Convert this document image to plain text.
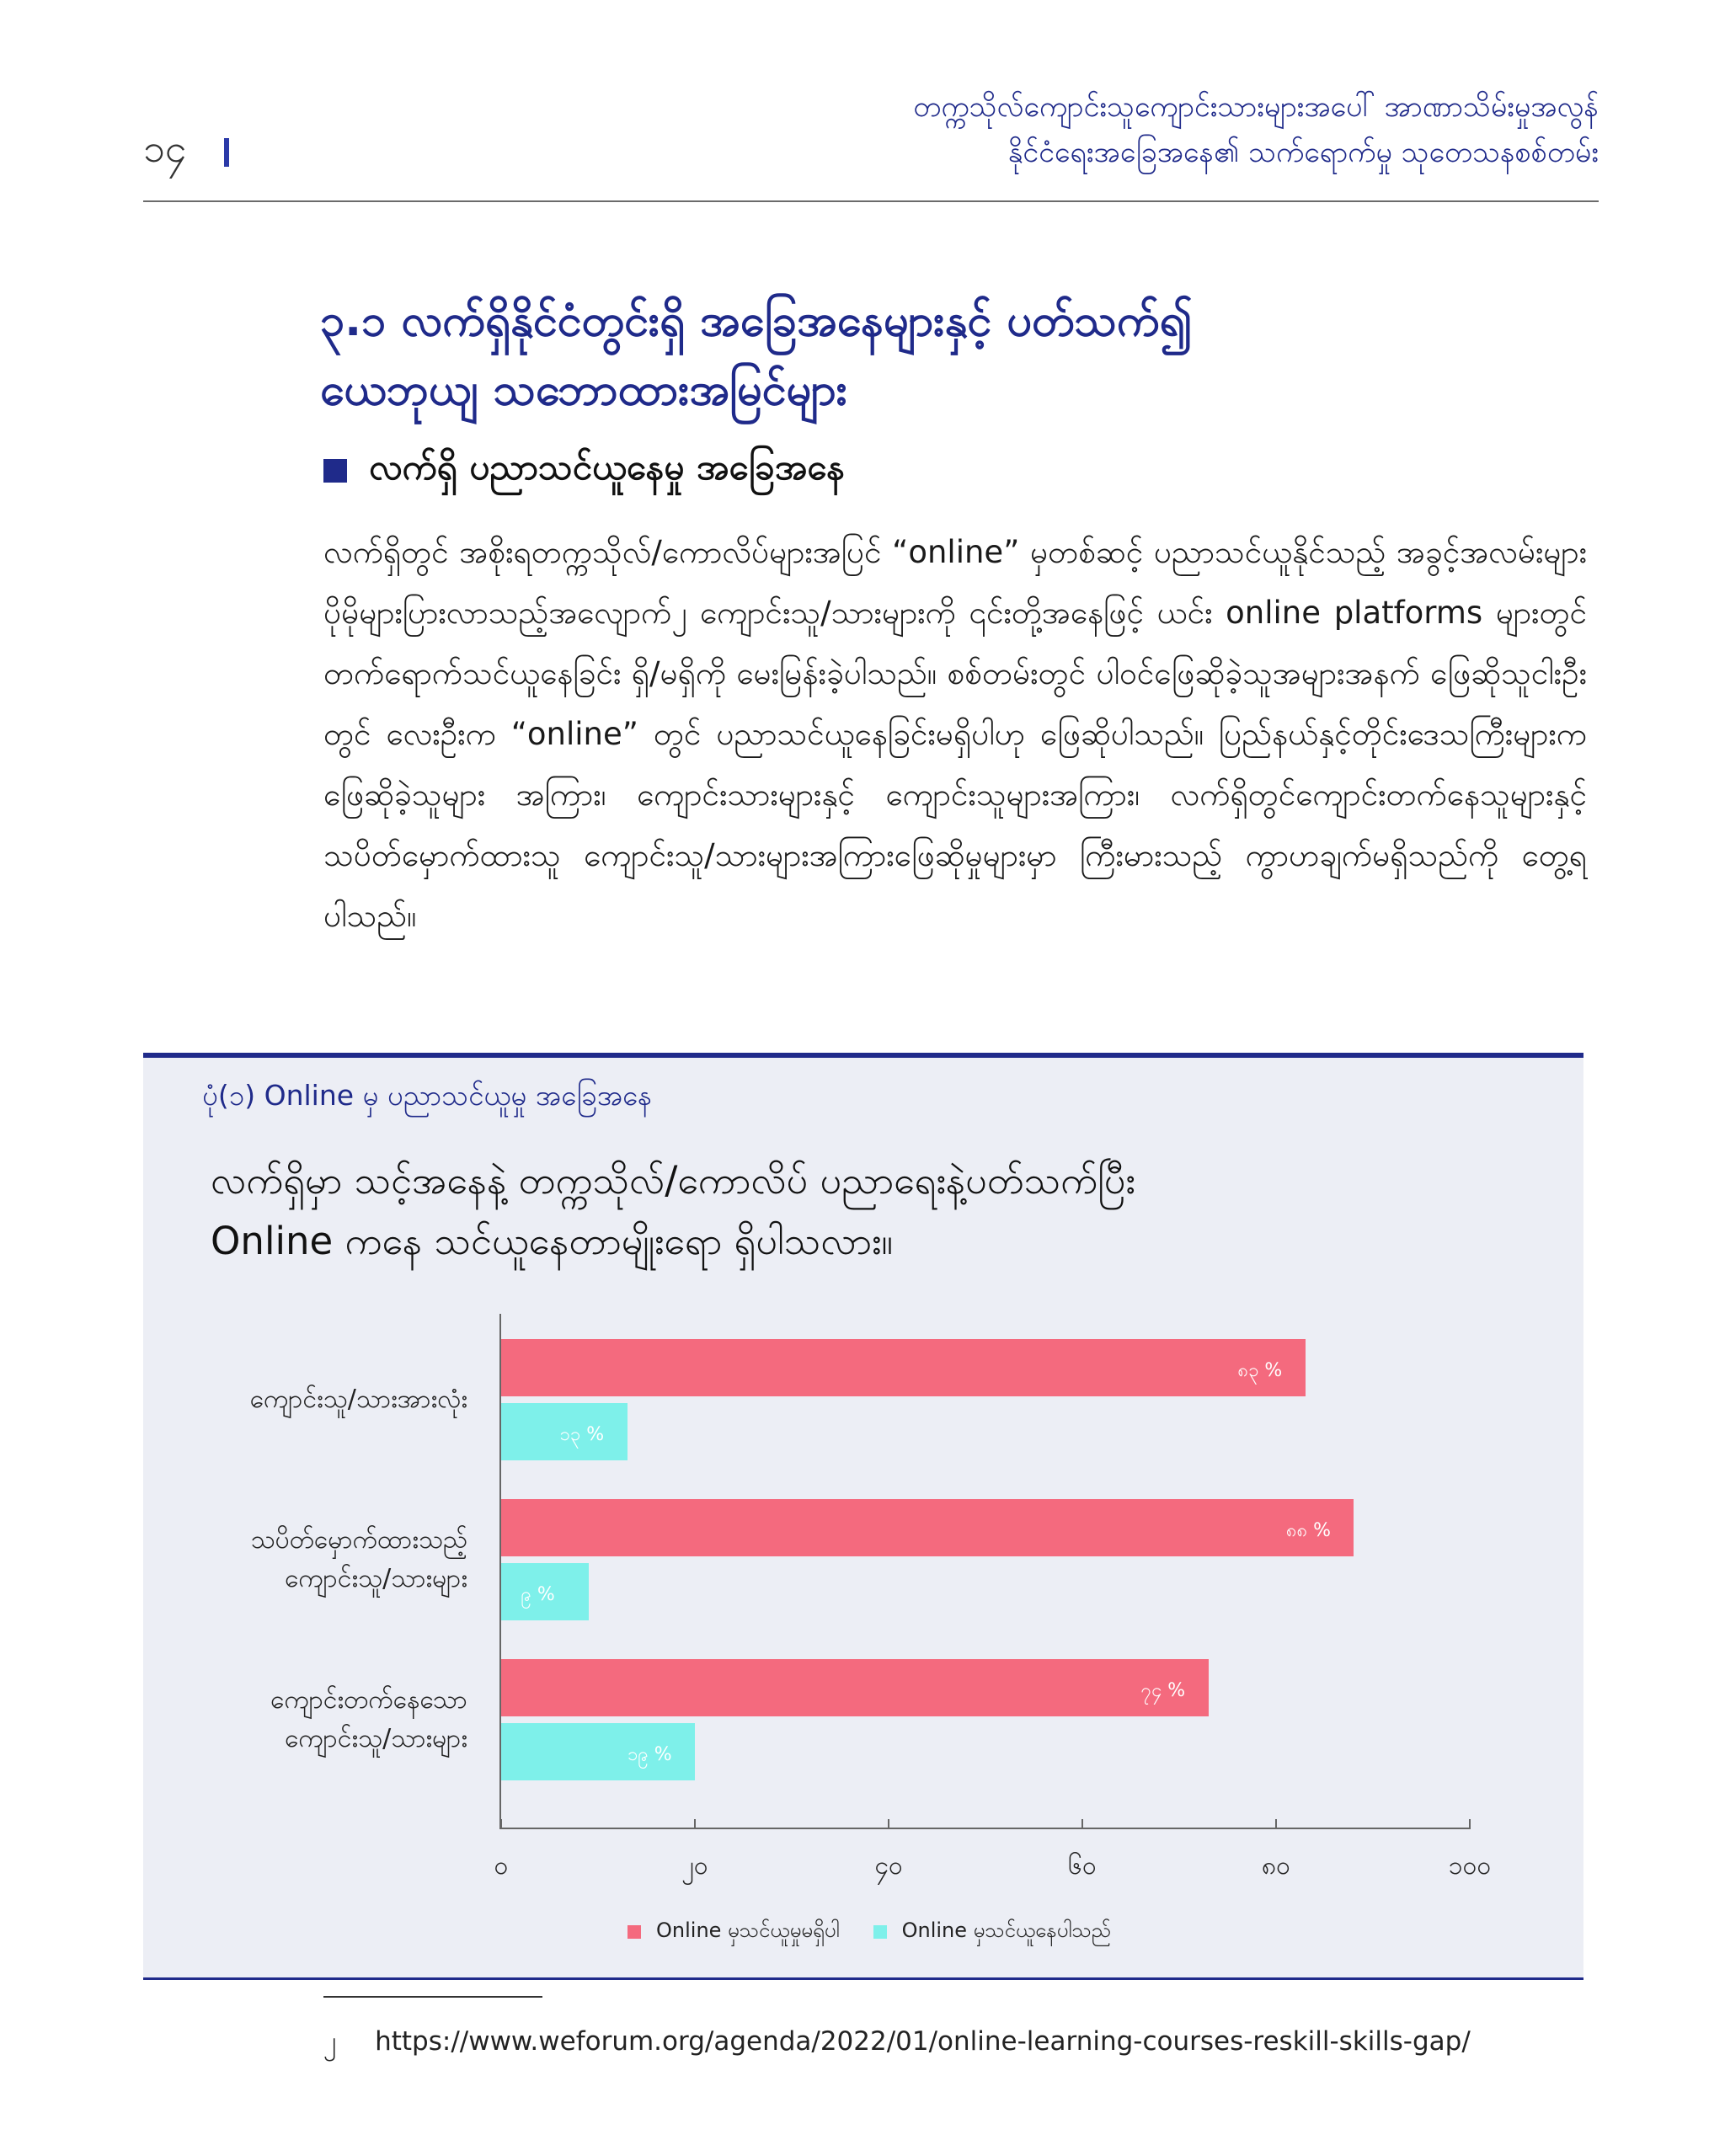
တက္ကသိုလ်ကျောင်းသူကျောင်းသားများအပေါ် အာဏာသိမ်းမှုအလွန်
နိုင်ငံရေးအခြေအနေ၏ သက်ရောက်မှု သုတေသနစစ်တမ်း
၁၄
၃.၁ လက်ရှိနိုင်ငံတွင်းရှိ အခြေအနေများနှင့် ပတ်သက်၍
ယေဘုယျ သဘောထားအမြင်များ
လက်ရှိ ပညာသင်ယူနေမှု အခြေအနေ
လက်ရှိတွင် အစိုးရတက္ကသိုလ်/ကောလိပ်များအပြင် “online” မှတစ်ဆင့် ပညာသင်ယူနိုင်သည့် အခွင့်အလမ်းများ ပိုမိုများပြားလာသည့်အလျောက်၂ ကျောင်းသူ/သားများကို ၎င်းတို့အနေဖြင့် ယင်း online platforms များတွင် တက်ရောက်သင်ယူနေခြင်း ရှိ/မရှိကို မေးမြန်းခဲ့ပါသည်။ စစ်တမ်းတွင် ပါဝင်ဖြေဆိုခဲ့သူအများအနက် ဖြေဆိုသူငါးဦးတွင် လေးဦးက “online” တွင် ပညာသင်ယူနေခြင်းမရှိပါဟု ဖြေဆိုပါသည်။ ပြည်နယ်နှင့်တိုင်းဒေသကြီးများက ဖြေဆိုခဲ့သူများ အကြား၊ ကျောင်းသားများနှင့် ကျောင်းသူများအကြား၊ လက်ရှိတွင်ကျောင်းတက်နေသူများနှင့် သပိတ်မှောက်ထားသူ ကျောင်းသူ/သားများအကြားဖြေဆိုမှုများမှာ ကြီးမားသည့် ကွာဟချက်မရှိသည်ကို တွေ့ရပါသည်။
ပုံ(၁) Online မှ ပညာသင်ယူမှု အခြေအနေ
လက်ရှိမှာ သင့်အနေနဲ့ တက္ကသိုလ်/ကောလိပ် ပညာရေးနဲ့ပတ်သက်ပြီး
Online ကနေ သင်ယူနေတာမျိုးရော ရှိပါသလား။
ကျောင်းသူ/သားအားလုံး
၈၃ %
၁၃ %
သပိတ်မှောက်ထားသည့်
ကျောင်းသူ/သားများ
၈၈ %
၉ %
ကျောင်းတက်နေသော
ကျောင်းသူ/သားများ
၇၄ %
၁၉ %
၀	၂၀	၄၀	၆၀	၈၀	၁၀၀
Online မှသင်ယူမှုမရှိပါ	Online မှသင်ယူနေပါသည်
၂ https://www.weforum.org/agenda/2022/01/online-learning-courses-reskill-skills-gap/
